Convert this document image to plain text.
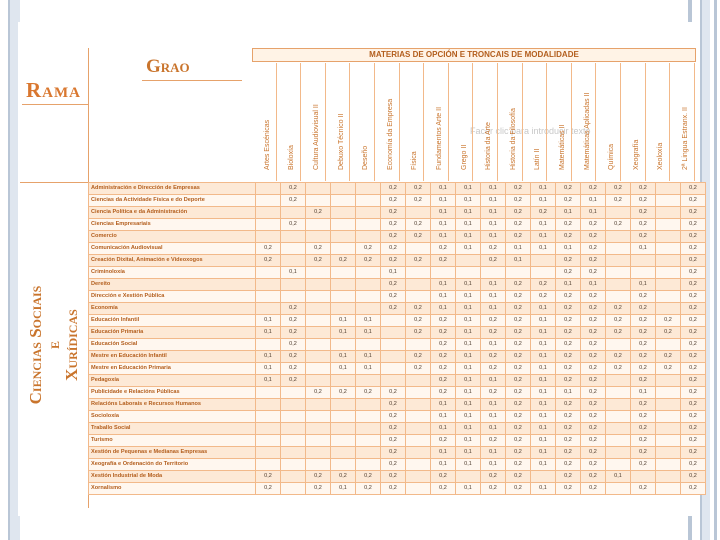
Rama
Grao
Ciencias Sociais e Xurídicas
MATERIAS DE OPCIÓN E TRONCAIS DE MODALIDADE
Facer clic para introducir texto
Artes Escénicas	Bioloxía	Cultura Audiovisual II	Debuxo Técnico II	Deseño	Economía da Empresa	Física	Fundamentos Arte II	Grego II	Historia da Arte	Historia da Filosofía	Latín II	Matemáticas II	Matemáticas Aplicadas II	Química	Xeografía	Xeoloxía	2ª Lingua Estranx. II
Administración e Dirección de Empresas		0,2				0,2	0,2	0,1	0,1	0,1	0,2	0,1	0,2	0,2	0,2	0,2		0,2
Ciencias da Actividade Física e do Deporte		0,2				0,2	0,2	0,1	0,1	0,1	0,2	0,1	0,2	0,1	0,2	0,2		0,2
Ciencia Política e da Administración			0,2			0,2		0,1	0,1	0,1	0,2	0,2	0,1	0,1		0,2		0,2
Ciencias Empresariais		0,2				0,2	0,2	0,1	0,1	0,1	0,2	0,1	0,2	0,2	0,2	0,2		0,2
Comercio						0,2	0,2	0,1	0,1	0,1	0,2	0,1	0,2	0,2		0,2		0,2
Comunicación Audiovisual	0,2		0,2		0,2	0,2		0,2	0,1	0,2	0,1	0,1	0,1	0,2		0,1		0,2
Creación Dixital, Animación e Videoxogos	0,2		0,2	0,2	0,2	0,2	0,2	0,2		0,2	0,1		0,2	0,2				0,2
Criminoloxía		0,1				0,1							0,2	0,2				0,2
Dereito						0,2		0,1	0,1	0,1	0,2	0,2	0,1	0,1		0,1		0,2
Dirección e Xestión Pública						0,2		0,1	0,1	0,1	0,2	0,2	0,2	0,2		0,2		0,2
Economía		0,2				0,2	0,2	0,1	0,1	0,1	0,2	0,1	0,2	0,2	0,2	0,2		0,2
Educación Infantil	0,1	0,2		0,1	0,1		0,2	0,2	0,1	0,2	0,2	0,1	0,2	0,2	0,2	0,2	0,2	0,2
Educación Primaria	0,1	0,2		0,1	0,1		0,2	0,2	0,1	0,2	0,2	0,1	0,2	0,2	0,2	0,2	0,2	0,2
Educación Social		0,2						0,2	0,1	0,1	0,2	0,1	0,2	0,2		0,2		0,2
Mestre en Educación Infantil	0,1	0,2		0,1	0,1		0,2	0,2	0,1	0,2	0,2	0,1	0,2	0,2	0,2	0,2	0,2	0,2
Mestre en Educación Primaria	0,1	0,2		0,1	0,1		0,2	0,2	0,1	0,2	0,2	0,1	0,2	0,2	0,2	0,2	0,2	0,2
Pedagoxía	0,1	0,2						0,2	0,1	0,1	0,2	0,1	0,2	0,2		0,2		0,2
Publicidade e Relacións Públicas			0,2	0,2	0,2	0,2		0,2	0,1	0,2	0,2	0,1	0,1	0,2		0,1		0,2
Relacións Laborais e Recursos Humanos						0,2		0,1	0,1	0,1	0,2	0,1	0,2	0,2		0,2		0,2
Socioloxía						0,2		0,1	0,1	0,1	0,2	0,1	0,2	0,2		0,2		0,2
Traballo Social						0,2		0,1	0,1	0,1	0,2	0,1	0,2	0,2		0,2		0,2
Turismo						0,2		0,2	0,1	0,2	0,2	0,1	0,2	0,2		0,2		0,2
Xestión de Pequenas e Medianas Empresas						0,2		0,1	0,1	0,1	0,2	0,1	0,2	0,2		0,2		0,2
Xeografía e Ordenación do Territorio						0,2		0,1	0,1	0,1	0,2	0,1	0,2	0,2		0,2		0,2
Xestión Industrial de Moda	0,2		0,2	0,2	0,2	0,2		0,2		0,2	0,2		0,2	0,2	0,1			0,2
Xornalismo	0,2		0,2	0,1	0,2	0,2		0,2	0,1	0,2	0,2	0,1	0,2	0,2		0,2		0,2
